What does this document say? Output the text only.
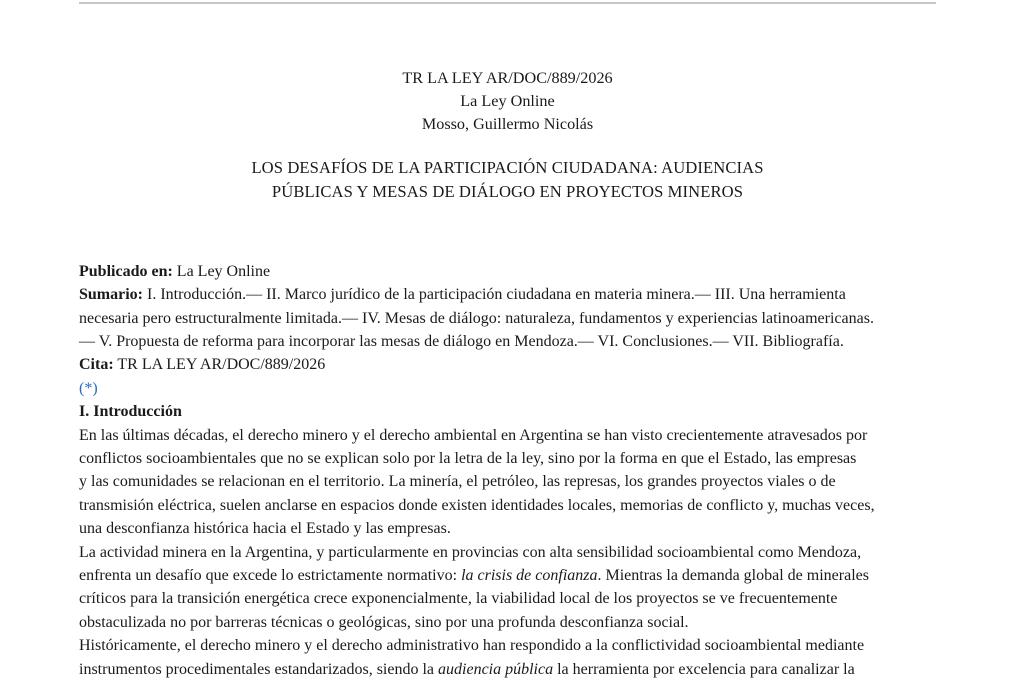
TR LA LEY AR/DOC/889/2026
La Ley Online
Mosso, Guillermo Nicolás
LOS DESAFÍOS DE LA PARTICIPACIÓN CIUDADANA: AUDIENCIAS
PÚBLICAS Y MESAS DE DIÁLOGO EN PROYECTOS MINEROS
Publicado en: La Ley Online
Sumario: I. Introducción.— II. Marco jurídico de la participación ciudadana en materia minera.— III. Una herramienta
necesaria pero estructuralmente limitada.— IV. Mesas de diálogo: naturaleza, fundamentos y experiencias latinoamericanas.
— V. Propuesta de reforma para incorporar las mesas de diálogo en Mendoza.— VI. Conclusiones.— VII. Bibliografía.
Cita: TR LA LEY AR/DOC/889/2026
(*)
I. Introducción

En las últimas décadas, el derecho minero y el derecho ambiental en Argentina se han visto crecientemente atravesados por
conflictos socioambientales que no se explican solo por la letra de la ley, sino por la forma en que el Estado, las empresas
y las comunidades se relacionan en el territorio. La minería, el petróleo, las represas, los grandes proyectos viales o de
transmisión eléctrica, suelen anclarse en espacios donde existen identidades locales, memorias de conflicto y, muchas veces,
una desconfianza histórica hacia el Estado y las empresas.

La actividad minera en la Argentina, y particularmente en provincias con alta sensibilidad socioambiental como Mendoza,
enfrenta un desafío que excede lo estrictamente normativo: la crisis de confianza. Mientras la demanda global de minerales
críticos para la transición energética crece exponencialmente, la viabilidad local de los proyectos se ve frecuentemente
obstaculizada no por barreras técnicas o geológicas, sino por una profunda desconfianza social.

Históricamente, el derecho minero y el derecho administrativo han respondido a la conflictividad socioambiental mediante
instrumentos procedimentales estandarizados, siendo la audiencia pública la herramienta por excelencia para canalizar la
